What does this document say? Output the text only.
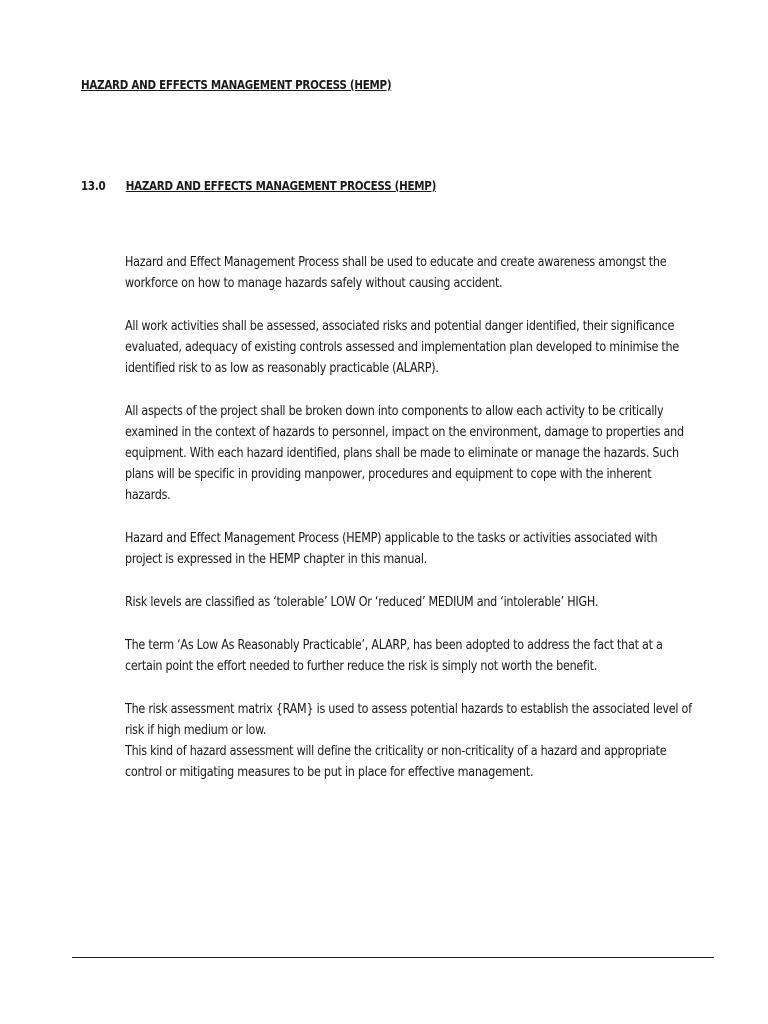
HAZARD AND EFFECTS MANAGEMENT PROCESS (HEMP)
13.0 HAZARD AND EFFECTS MANAGEMENT PROCESS (HEMP)

Hazard and Effect Management Process shall be used to educate and create awareness amongst the workforce on how to manage hazards safely without causing accident.

All work activities shall be assessed, associated risks and potential danger identified, their significance evaluated, adequacy of existing controls assessed and implementation plan developed to minimise the identified risk to as low as reasonably practicable (ALARP).

All aspects of the project shall be broken down into components to allow each activity to be critically examined in the context of hazards to personnel, impact on the environment, damage to properties and equipment. With each hazard identified, plans shall be made to eliminate or manage the hazards. Such plans will be specific in providing manpower, procedures and equipment to cope with the inherent hazards.

Hazard and Effect Management Process (HEMP) applicable to the tasks or activities associated with project is expressed in the HEMP chapter in this manual.

Risk levels are classified as ‘tolerable’ LOW Or ‘reduced’ MEDIUM and ‘intolerable’ HIGH.

The term ‘As Low As Reasonably Practicable’, ALARP, has been adopted to address the fact that at a certain point the effort needed to further reduce the risk is simply not worth the benefit.

The risk assessment matrix {RAM} is used to assess potential hazards to establish the associated level of risk if high medium or low.

This kind of hazard assessment will define the criticality or non-criticality of a hazard and appropriate control or mitigating measures to be put in place for effective management.
